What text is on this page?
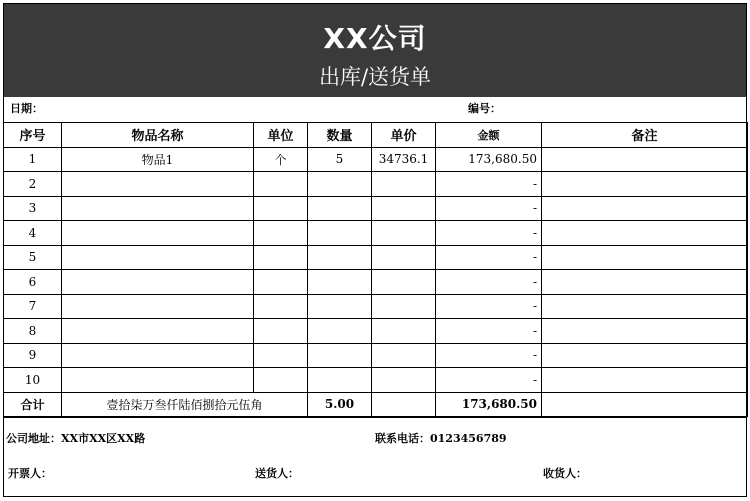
XX公司
出库/送货单
日期：	编号：
序号	物品名称	单位	数量	单价	金额	备注
1	物品1	个	5	34736.1	173,680.50	
2					-	
3					-	
4					-	
5					-	
6					-	
7					-	
8					-	
9					-	
10					-	
合计	壹拾柒万叁仟陆佰捌拾元伍角		5.00		173,680.50	
公司地址：XX市XX区XX路	联系电话：0123456789
开票人：	送货人：	收货人：
